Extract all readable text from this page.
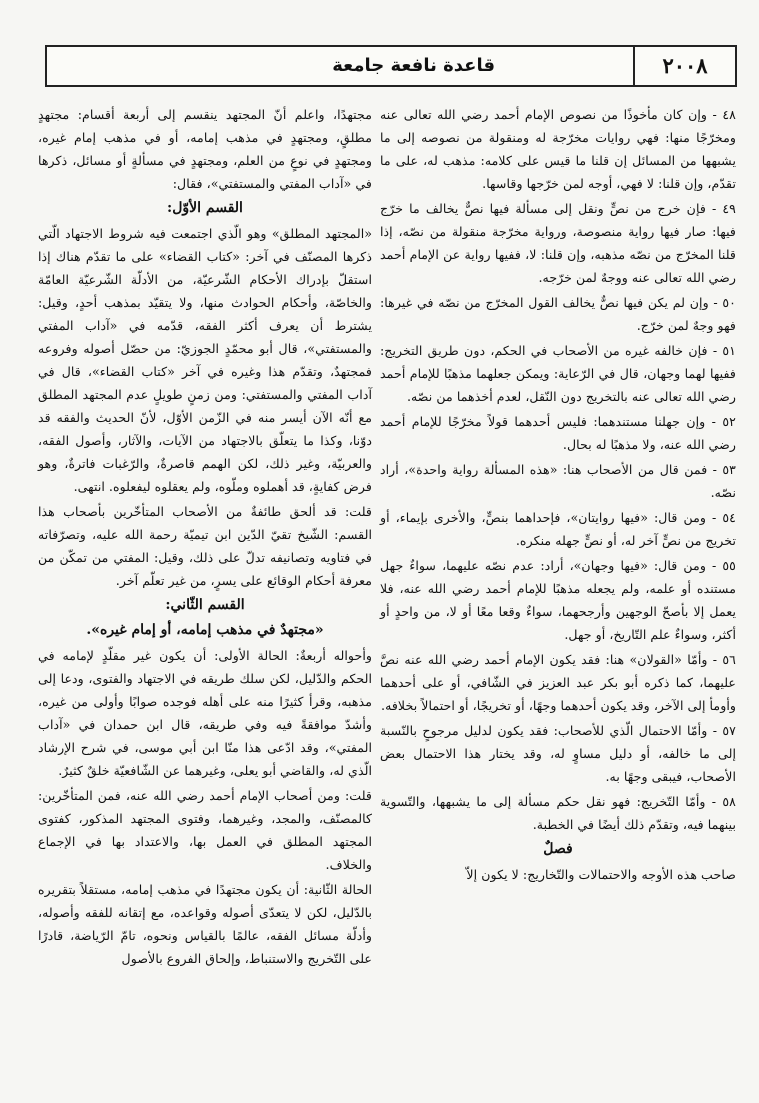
٢٠٠٨
قاعدة نافعة جامعة

٤٨ - وإن كان مأخوذًا من نصوص الإمام أحمد رضي الله تعالى عنه ومخرّجًا منها: فهي روايات مخرّجة له ومنقولة من نصوصه إلى ما يشبهها من المسائل إن قلنا ما قيس على كلامه: مذهب له، على ما تقدّم، وإن قلنا: لا فهي، أوجه لمن خرّجها وقاسها.

٤٩ - فإن خرج من نصٍّ ونقل إلى مسألة فيها نصٌّ يخالف ما خرّج فيها: صار فيها رواية منصوصة، ورواية مخرّجة منقولة من نصّه، إذا قلنا المخرّج من نصّه مذهبه، وإن قلنا: لا، ففيها رواية عن الإمام أحمد رضي الله تعالى عنه ووجهٌ لمن خرّجه.

٥٠ - وإن لم يكن فيها نصٌّ يخالف القول المخرّج من نصّه في غيرها: فهو وجهٌ لمن خرّج.

٥١ - فإن خالفه غيره من الأصحاب في الحكم، دون طريق التخريج: ففيها لهما وجهان، قال في الرّعاية: ويمكن جعلهما مذهبًا للإمام أحمد رضي الله تعالى عنه بالتخريج دون النّقل، لعدم أخذهما من نصّه.

٥٢ - وإن جهلنا مستندهما: فليس أحدهما قولاً مخرّجًا للإمام أحمد رضي الله عنه، ولا مذهبًا له بحال.

٥٣ - فمن قال من الأصحاب هنا: «هذه المسألة رواية واحدة»، أراد نصّه.

٥٤ - ومن قال: «فيها روايتان»، فإحداهما بنصٍّ، والأخرى بإيماء، أو تخريج من نصٍّ آخر له، أو نصٍّ جهله منكره.

٥٥ - ومن قال: «فيها وجهان»، أراد: عدم نصّه عليهما، سواءٌ جهل مستنده أو علمه، ولم يجعله مذهبًا للإمام أحمد رضي الله عنه، فلا يعمل إلا بأصحّ الوجهين وأرجحهما، سواءٌ وقعا معًا أو لا، من واحدٍ أو أكثر، وسواءٌ علم التّاريخ، أو جهل.

٥٦ - وأمّا «القولان» هنا: فقد يكون الإمام أحمد رضي الله عنه نصَّ عليهما، كما ذكره أبو بكر عبد العزيز في الشّافي، أو على أحدهما وأومأ إلى الآخر، وقد يكون أحدهما وجهًا، أو تخريجًا، أو احتمالاً بخلافه.

٥٧ - وأمّا الاحتمال الّذي للأصحاب: فقد يكون لدليل مرجوحٍ بالنّسبة إلى ما خالفه، أو دليل مساوٍ له، وقد يختار هذا الاحتمال بعض الأصحاب، فيبقى وجهًا به.

٥٨ - وأمّا التّخريج: فهو نقل حكم مسألة إلى ما يشبهها، والتّسوية بينهما فيه، وتقدّم ذلك أيضًا في الخطبة.

فصلٌ

صاحب هذه الأوجه والاحتمالات والتّخاريج: لا يكون إلاّ

مجتهدًا، واعلم أنّ المجتهد ينقسم إلى أربعة أقسام: مجتهدٍ مطلقٍ، ومجتهدٍ في مذهب إمامه، أو في مذهب إمام غيره، ومجتهدٍ في نوعٍ من العلم، ومجتهدٍ في مسألةٍ أو مسائل، ذكرها في «آداب المفتي والمستفتي»، فقال:

القسم الأوّل:

«المجتهد المطلق» وهو الّذي اجتمعت فيه شروط الاجتهاد الّتي ذكرها المصنّف في آخر: «كتاب القضاء» على ما تقدّم هناك إذا استقلّ بإدراك الأحكام الشّرعيّة، من الأدلّة الشّرعيّة العامّة والخاصّة، وأحكام الحوادث منها، ولا يتقيّد بمذهب أحدٍ، وقيل: يشترط أن يعرف أكثر الفقه، قدّمه في «آداب المفتي والمستفتي»، قال أبو محمّدٍ الجوزيّ: من حصّل أصوله وفروعه فمجتهدٌ، وتقدّم هذا وغيره في آخر «كتاب القضاء»، قال في آداب المفتي والمستفتي: ومن زمنٍ طويلٍ عدم المجتهد المطلق مع أنّه الآن أيسر منه في الزّمن الأوّل، لأنّ الحديث والفقه قد دوّنا، وكذا ما يتعلّق بالاجتهاد من الآيات، والآثار، وأصول الفقه، والعربيّة، وغير ذلك، لكن الهمم قاصرةٌ، والرّغبات فاترةٌ، وهو فرض كفايةٍ، قد أهملوه وملّوه، ولم يعقلوه ليفعلوه. انتهى.

قلت: قد ألحق طائفةٌ من الأصحاب المتأخّرين بأصحاب هذا القسم: الشّيخ تقيّ الدّين ابن تيميّة رحمة الله عليه، وتصرّفاته في فتاويه وتصانيفه تدلّ على ذلك، وقيل: المفتي من تمكّن من معرفة أحكام الوقائع على يسرٍ، من غير تعلّم آخر.

القسم الثّاني:

«مجتهدٌ في مذهب إمامه، أو إمام غيره».

وأحواله أربعةٌ: الحالة الأولى: أن يكون غير مقلّدٍ لإمامه في الحكم والدّليل، لكن سلك طريقه في الاجتهاد والفتوى، ودعا إلى مذهبه، وقرأ كثيرًا منه على أهله فوجده صوابًا وأولى من غيره، وأشدّ موافقةً فيه وفي طريقه، قال ابن حمدان في «آداب المفتي»، وقد ادّعى هذا منّا ابن أبي موسى، في شرح الإرشاد الّذي له، والقاضي أبو يعلى، وغيرهما عن الشّافعيّة خلقٌ كثيرٌ.

قلت: ومن أصحاب الإمام أحمد رضي الله عنه، فمن المتأخّرين: كالمصنّف، والمجد، وغيرهما، وفتوى المجتهد المذكور، كفتوى المجتهد المطلق في العمل بها، والاعتداد بها في الإجماع والخلاف.

الحالة الثّانية: أن يكون مجتهدًا في مذهب إمامه، مستقلاً بتقريره بالدّليل، لكن لا يتعدّى أصوله وقواعده، مع إتقانه للفقه وأصوله، وأدلّة مسائل الفقه، عالمًا بالقياس ونحوه، تامّ الرّياضة، قادرًا على التّخريج والاستنباط، وإلحاق الفروع بالأصول
